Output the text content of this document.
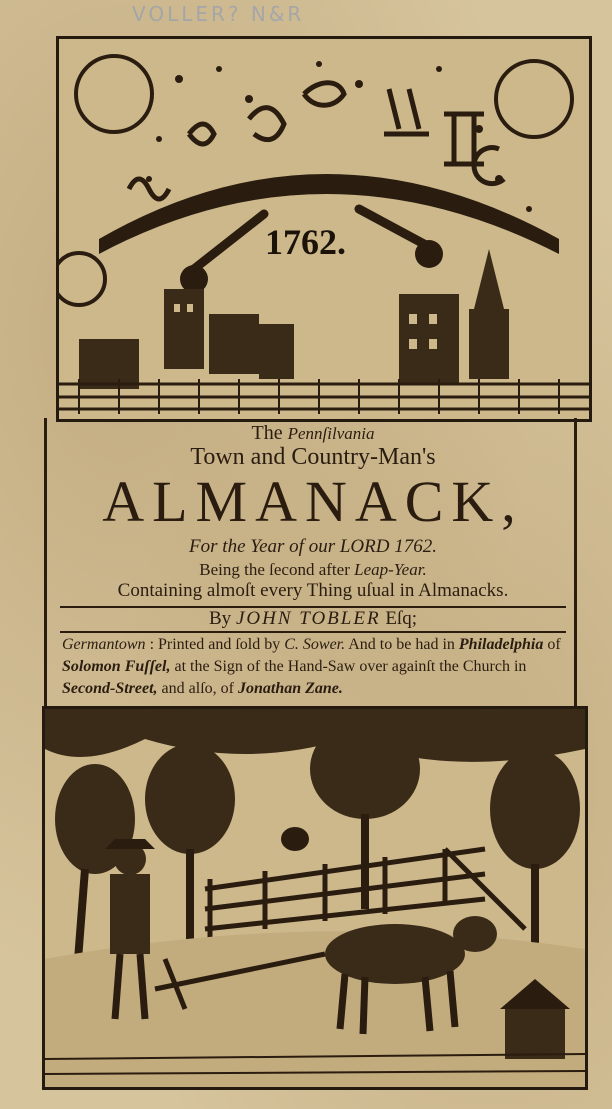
VOLLER? N&R
1762.
The Pennſilvania
Town and Country-Man's
ALMANACK,
For the Year of our LORD 1762.
Being the ſecond after Leap-Year.
Containing almoſt every Thing uſual in Almanacks.
By JOHN TOBLER Eſq;
Germantown : Printed and ſold by C. Sower. And to be had in Philadelphia of Solomon Fuſſel, at the Sign of the Hand-Saw over againſt the Church in Second-Street, and alſo, of Jonathan Zane.
